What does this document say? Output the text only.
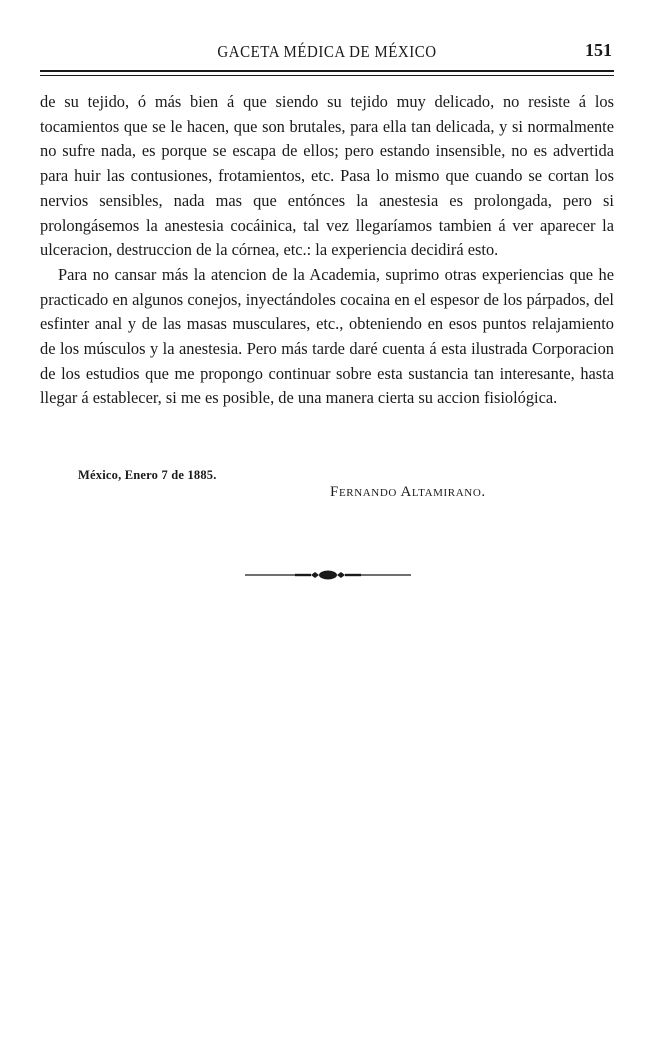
GACETA MÉDICA DE MÉXICO	151

de su tejido, ó más bien á que siendo su tejido muy delicado, no resiste á los tocamientos que se le hacen, que son brutales, para ella tan delicada, y si normalmente no sufre nada, es porque se escapa de ellos; pero estando insensible, no es advertida para huir las contusiones, frotamientos, etc. Pasa lo mismo que cuando se cortan los nervios sensibles, nada mas que entónces la anestesia es prolongada, pero si prolongásemos la anestesia cocáinica, tal vez llegaríamos tambien á ver aparecer la ulceracion, destruccion de la córnea, etc.: la experiencia decidirá esto.

Para no cansar más la atencion de la Academia, suprimo otras experiencias que he practicado en algunos conejos, inyectándoles cocaina en el espesor de los párpados, del esfinter anal y de las masas musculares, etc., obteniendo en esos puntos relajamiento de los músculos y la anestesia. Pero más tarde daré cuenta á esta ilustrada Corporacion de los estudios que me propongo continuar sobre esta sustancia tan interesante, hasta llegar á establecer, si me es posible, de una manera cierta su accion fisiológica.

México, Enero 7 de 1885.
Fernando Altamirano.
